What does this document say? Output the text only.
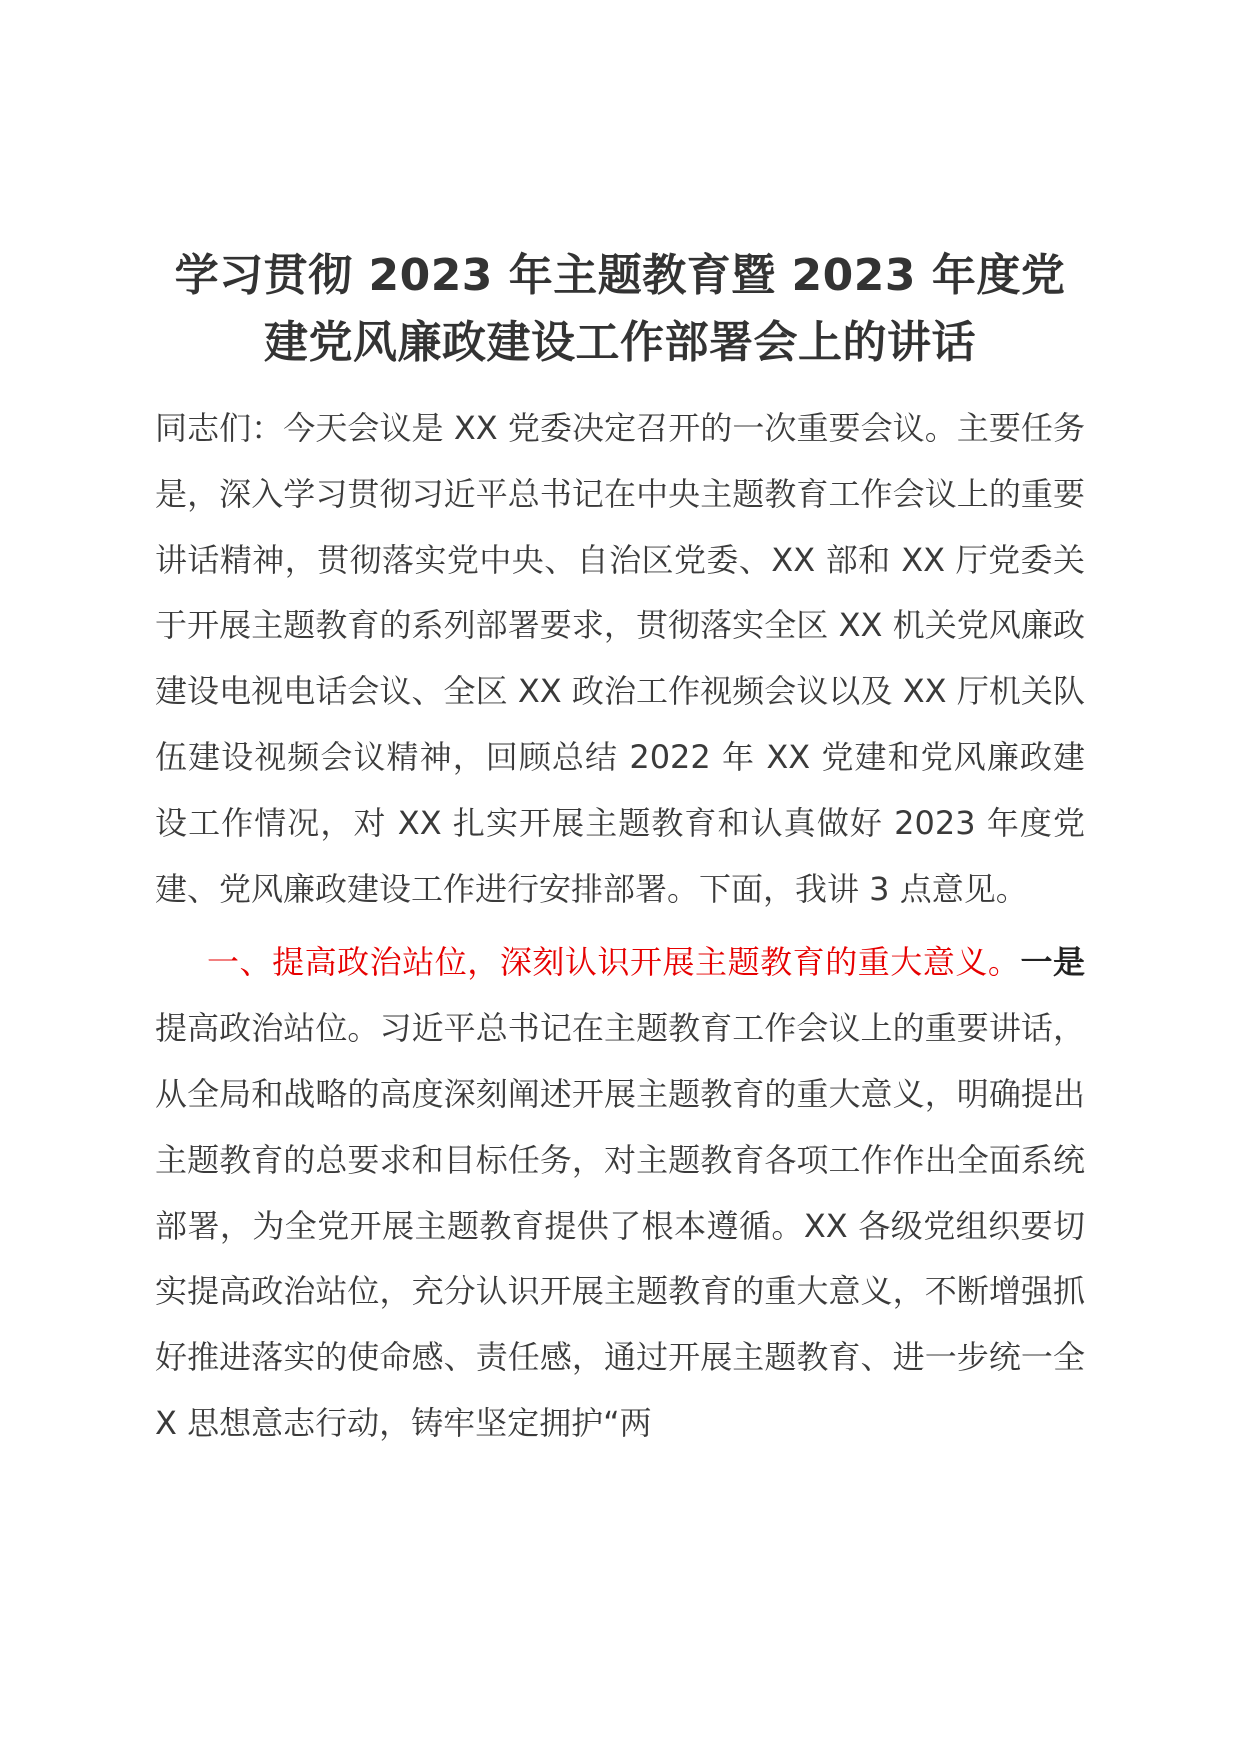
学习贯彻 2023 年主题教育暨 2023 年度党
建党风廉政建设工作部署会上的讲话

同志们：今天会议是 XX 党委决定召开的一次重要会议。主要任务是，深入学习贯彻习近平总书记在中央主题教育工作会议上的重要讲话精神，贯彻落实党中央、自治区党委、XX 部和 XX 厅党委关于开展主题教育的系列部署要求，贯彻落实全区 XX 机关党风廉政建设电视电话会议、全区 XX 政治工作视频会议以及 XX 厅机关队伍建设视频会议精神，回顾总结 2022 年 XX 党建和党风廉政建设工作情况，对 XX 扎实开展主题教育和认真做好 2023 年度党建、党风廉政建设工作进行安排部署。下面，我讲 3 点意见。

一、提高政治站位，深刻认识开展主题教育的重大意义。一是提高政治站位。习近平总书记在主题教育工作会议上的重要讲话，从全局和战略的高度深刻阐述开展主题教育的重大意义，明确提出主题教育的总要求和目标任务，对主题教育各项工作作出全面系统部署，为全党开展主题教育提供了根本遵循。XX 各级党组织要切实提高政治站位，充分认识开展主题教育的重大意义，不断增强抓好推进落实的使命感、责任感，通过开展主题教育、进一步统一全 X 思想意志行动，铸牢坚定拥护“两
